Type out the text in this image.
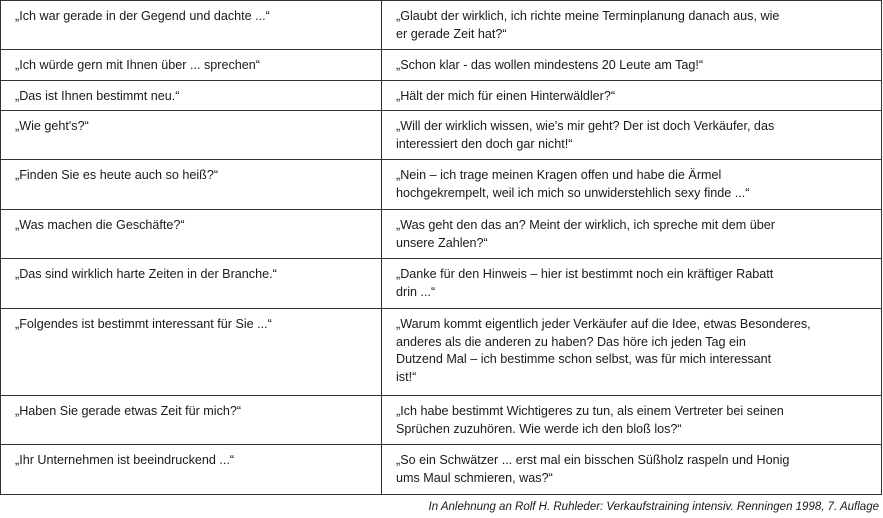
„Ich war gerade in der Gegend und dachte ...“	„Glaubt der wirklich, ich richte meine Terminplanung danach aus, wie
er gerade Zeit hat?“

„Ich würde gern mit Ihnen über ... sprechen“	„Schon klar - das wollen mindestens 20 Leute am Tag!“

„Das ist Ihnen bestimmt neu.“	„Hält der mich für einen Hinterwäldler?“

„Wie geht's?“	„Will der wirklich wissen, wie's mir geht? Der ist doch Verkäufer, das
interessiert den doch gar nicht!“

„Finden Sie es heute auch so heiß?“	„Nein – ich trage meinen Kragen offen und habe die Ärmel
hochgekrempelt, weil ich mich so unwiderstehlich sexy finde ...“

„Was machen die Geschäfte?“	„Was geht den das an? Meint der wirklich, ich spreche mit dem über
unsere Zahlen?“

„Das sind wirklich harte Zeiten in der Branche.“	„Danke für den Hinweis – hier ist bestimmt noch ein kräftiger Rabatt
drin ...“

„Folgendes ist bestimmt interessant für Sie ...“	„Warum kommt eigentlich jeder Verkäufer auf die Idee, etwas Besonderes,
anderes als die anderen zu haben? Das höre ich jeden Tag ein
Dutzend Mal – ich bestimme schon selbst, was für mich interessant
ist!“

„Haben Sie gerade etwas Zeit für mich?“	„Ich habe bestimmt Wichtigeres zu tun, als einem Vertreter bei seinen
Sprüchen zuzuhören. Wie werde ich den bloß los?“

„Ihr Unternehmen ist beeindruckend ...“	„So ein Schwätzer ... erst mal ein bisschen Süßholz raspeln und Honig
ums Maul schmieren, was?“
In Anlehnung an Rolf H. Ruhleder: Verkaufstraining intensiv. Renningen 1998, 7. Auflage
